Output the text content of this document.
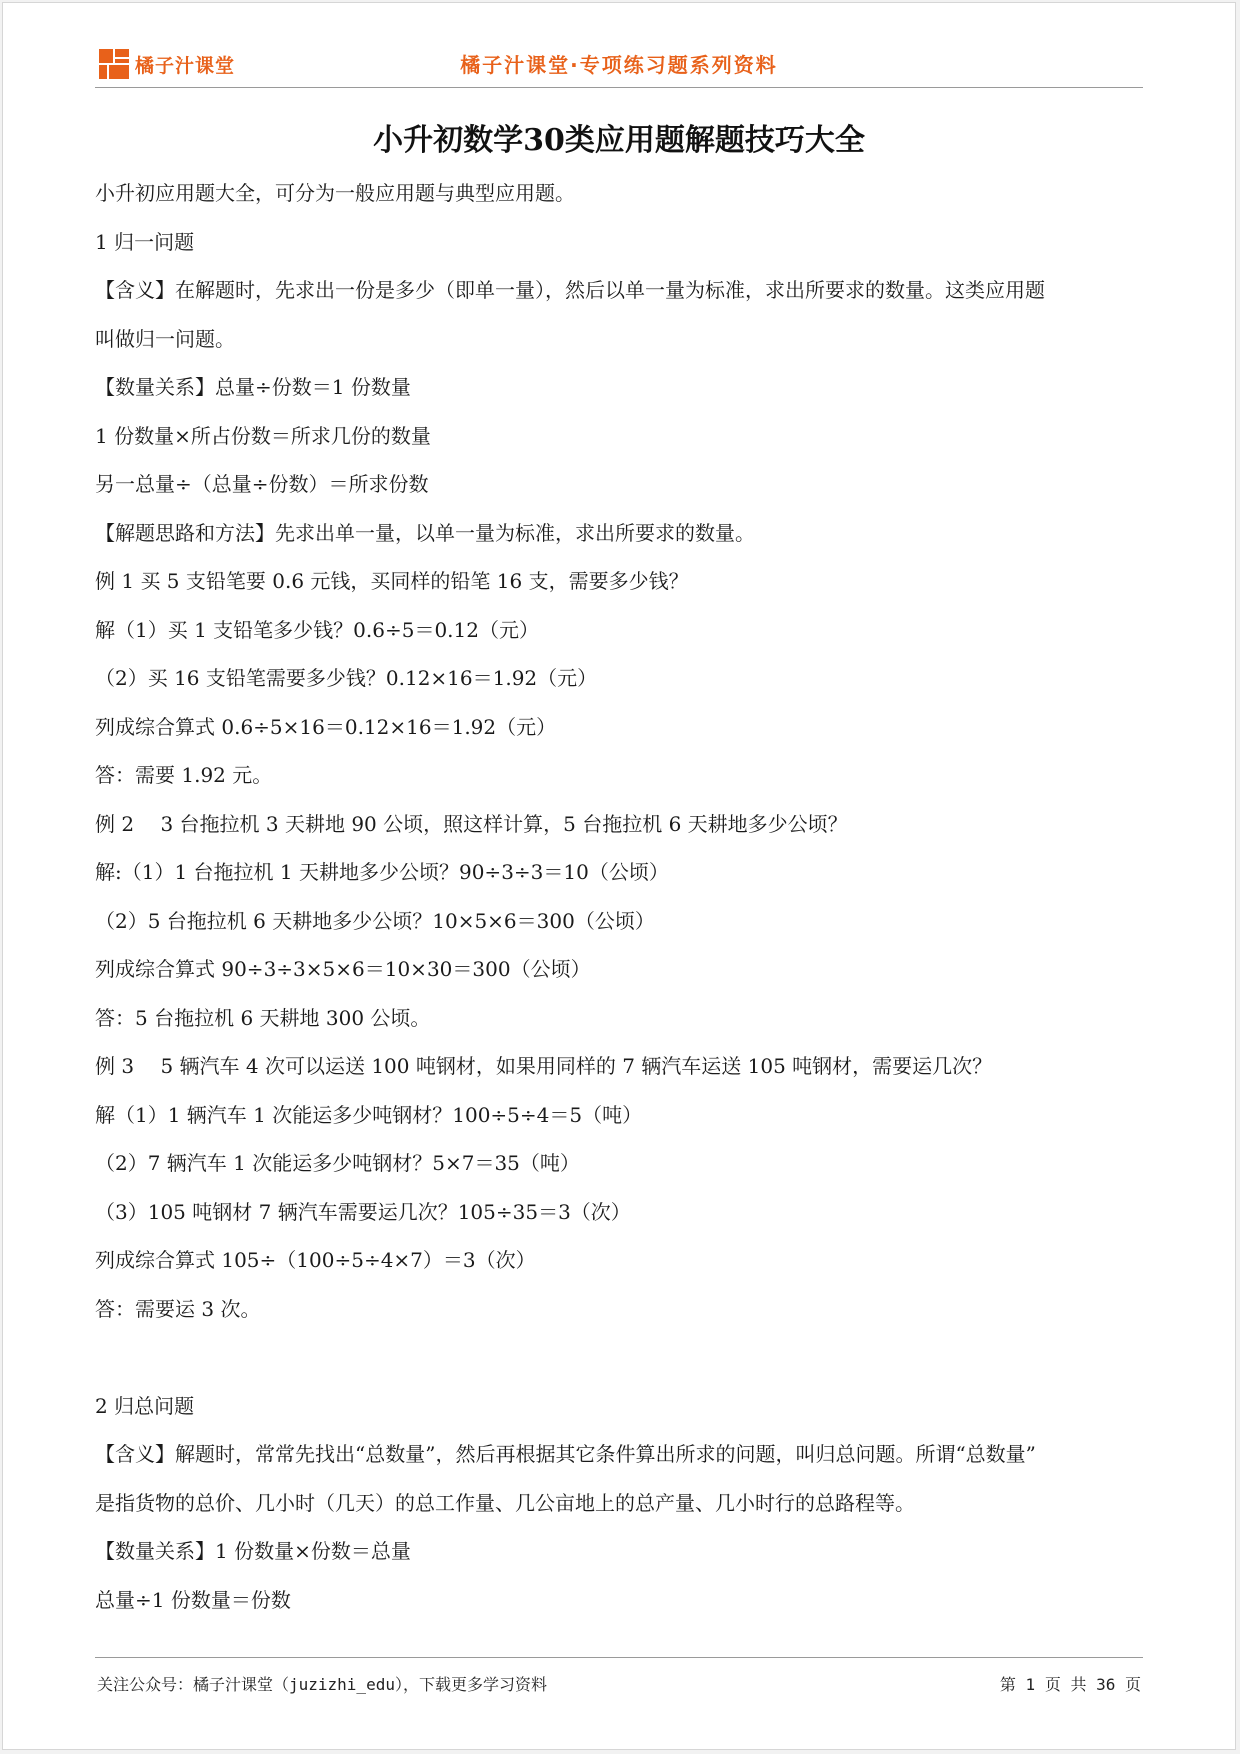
橘子汁课堂	橘子汁课堂·专项练习题系列资料
小升初数学30类应用题解题技巧大全

小升初应用题大全，可分为一般应用题与典型应用题。

1 归一问题

【含义】在解题时，先求出一份是多少（即单一量），然后以单一量为标准，求出所要求的数量。这类应用题

叫做归一问题。

【数量关系】总量÷份数＝1 份数量

1 份数量×所占份数＝所求几份的数量

另一总量÷（总量÷份数）＝所求份数

【解题思路和方法】先求出单一量，以单一量为标准，求出所要求的数量。

例 1 买 5 支铅笔要 0.6 元钱，买同样的铅笔 16 支，需要多少钱？

解（1）买 1 支铅笔多少钱？0.6÷5＝0.12（元）

（2）买 16 支铅笔需要多少钱？0.12×16＝1.92（元）

列成综合算式 0.6÷5×16＝0.12×16＝1.92（元）

答：需要 1.92 元。

例 2　 3 台拖拉机 3 天耕地 90 公顷，照这样计算，5 台拖拉机 6 天耕地多少公顷？

解:（1）1 台拖拉机 1 天耕地多少公顷？90÷3÷3＝10（公顷）

（2）5 台拖拉机 6 天耕地多少公顷？10×5×6＝300（公顷）

列成综合算式 90÷3÷3×5×6＝10×30＝300（公顷）

答：5 台拖拉机 6 天耕地 300 公顷。

例 3　 5 辆汽车 4 次可以运送 100 吨钢材，如果用同样的 7 辆汽车运送 105 吨钢材，需要运几次？

解（1）1 辆汽车 1 次能运多少吨钢材？100÷5÷4＝5（吨）

（2）7 辆汽车 1 次能运多少吨钢材？5×7＝35（吨）

（3）105 吨钢材 7 辆汽车需要运几次？105÷35＝3（次）

列成综合算式 105÷（100÷5÷4×7）＝3（次）

答：需要运 3 次。

2 归总问题

【含义】解题时，常常先找出“总数量”，然后再根据其它条件算出所求的问题，叫归总问题。所谓“总数量”

是指货物的总价、几小时（几天）的总工作量、几公亩地上的总产量、几小时行的总路程等。

【数量关系】1 份数量×份数＝总量

总量÷1 份数量＝份数

关注公众号：橘子汁课堂（juzizhi_edu），下载更多学习资料	第 1 页 共 36 页
